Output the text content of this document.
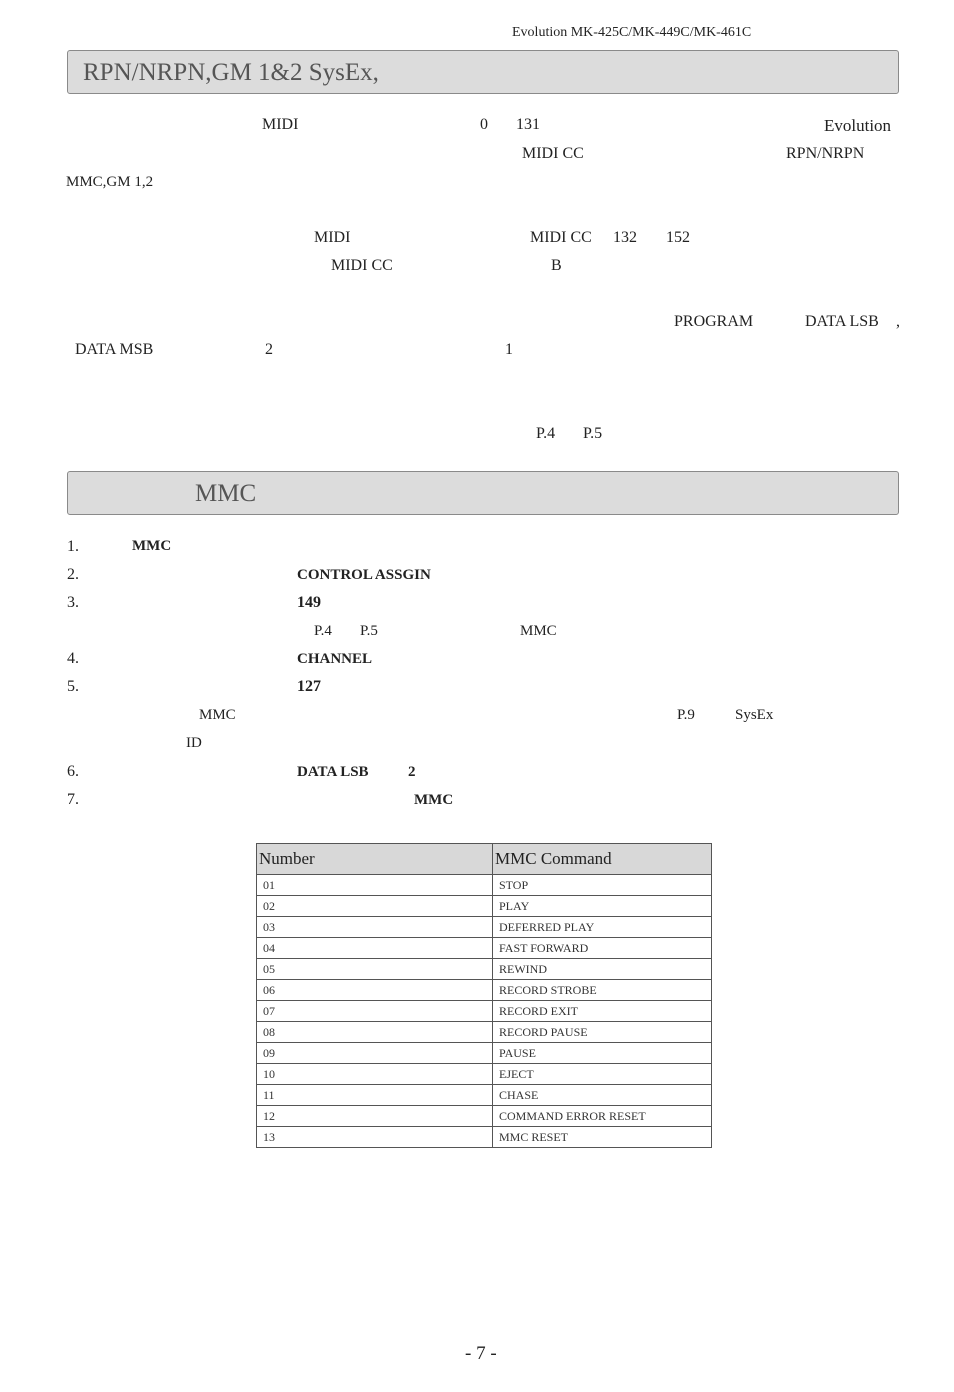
Evolution MK-425C/MK-449C/MK-461C
RPN/NRPN,GM 1&2 SysEx,
MIDI	0 131	Evolution
MIDI CC	RPN/NRPN
MMC,GM 1,2
MIDI	MIDI CC 132 152
MIDI CC	B
PROGRAM	DATA LSB ,
DATA MSB	2	1
P.4 P.5
MMC
1.	MMC
2.	CONTROL ASSGIN
3.	149
P.4 P.5	MMC
4.	CHANNEL
5.	127
MMC	P.9	SysEx
ID
6.	DATA LSB	2
7.	MMC
Number	MMC Command
01	STOP
02	PLAY
03	DEFERRED PLAY
04	FAST FORWARD
05	REWIND
06	RECORD STROBE
07	RECORD EXIT
08	RECORD PAUSE
09	PAUSE
10	EJECT
11	CHASE
12	COMMAND ERROR RESET
13	MMC RESET
- 7 -
